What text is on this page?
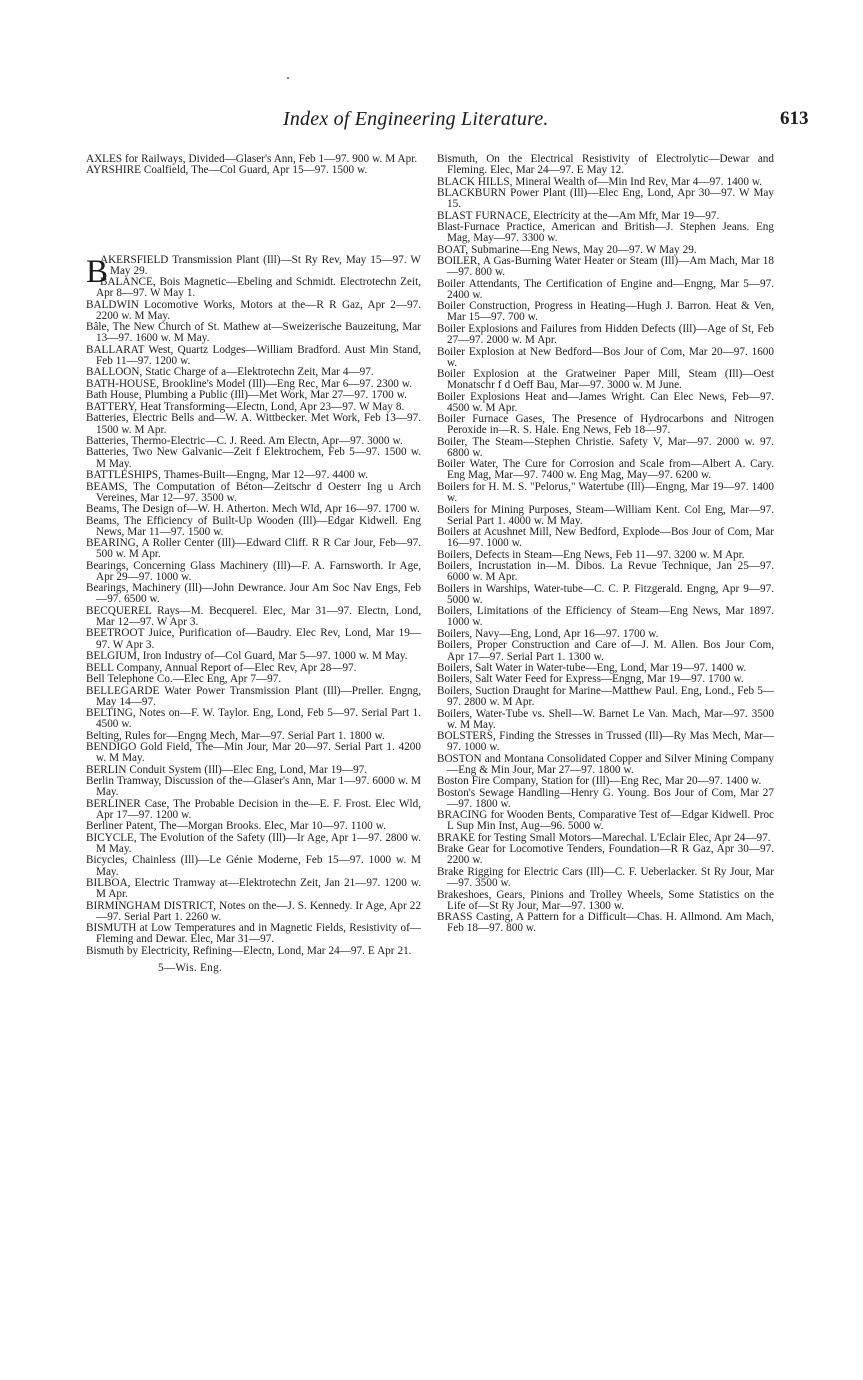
Index of Engineering Literature.	613

AXLES for Railways, Divided—Glaser's Ann, Feb 1—97. 900 w. M Apr.

AYRSHIRE Coalfield, The—Col Guard, Apr 15—97. 1500 w.

B
AKERSFIELD Transmission Plant (Ill)—St Ry Rev, May 15—97. W May 29.

BALANCE, Bois Magnetic—Ebeling and Schmidt. Electrotechn Zeit, Apr 8—97. W May 1.

BALDWIN Locomotive Works, Motors at the—R R Gaz, Apr 2—97. 2200 w. M May.

Bâle, The New Church of St. Mathew at—Sweizerische Bauzeitung, Mar 13—97. 1600 w. M May.

BALLARAT West, Quartz Lodges—William Bradford. Aust Min Stand, Feb 11—97. 1200 w.

BALLOON, Static Charge of a—Elektrotechn Zeit, Mar 4—97.

BATH-HOUSE, Brookline's Model (Ill)—Eng Rec, Mar 6—97. 2300 w.

Bath House, Plumbing a Public (Ill)—Met Work, Mar 27—97. 1700 w.

BATTERY, Heat Transforming—Electn, Lond, Apr 23—97. W May 8.

Batteries, Electric Bells and—W. A. Wittbecker. Met Work, Feb 13—97. 1500 w. M Apr.

Batteries, Thermo-Electric—C. J. Reed. Am Electn, Apr—97. 3000 w.

Batteries, Two New Galvanic—Zeit f Elektrochem, Feb 5—97. 1500 w. M May.

BATTLESHIPS, Thames-Built—Engng, Mar 12—97. 4400 w.

BEAMS, The Computation of Béton—Zeitschr d Oesterr Ing u Arch Vereines, Mar 12—97. 3500 w.

Beams, The Design of—W. H. Atherton. Mech Wld, Apr 16—97. 1700 w.

Beams, The Efficiency of Built-Up Wooden (Ill)—Edgar Kidwell. Eng News, Mar 11—97. 1500 w.

BEARING, A Roller Center (Ill)—Edward Cliff. R R Car Jour, Feb—97. 500 w. M Apr.

Bearings, Concerning Glass Machinery (Ill)—F. A. Farnsworth. Ir Age, Apr 29—97. 1000 w.

Bearings, Machinery (Ill)—John Dewrance. Jour Am Soc Nav Engs, Feb—97. 6500 w.

BECQUEREL Rays—M. Becquerel. Elec, Mar 31—97. Electn, Lond, Mar 12—97. W Apr 3.

BEETROOT Juice, Purification of—Baudry. Elec Rev, Lond, Mar 19—97. W Apr 3.

BELGIUM, Iron Industry of—Col Guard, Mar 5—97. 1000 w. M May.

BELL Company, Annual Report of—Elec Rev, Apr 28—97.

Bell Telephone Co.—Elec Eng, Apr 7—97.

BELLEGARDE Water Power Transmission Plant (Ill)—Preller. Engng, May 14—97.

BELTING, Notes on—F. W. Taylor. Eng, Lond, Feb 5—97. Serial Part 1. 4500 w.

Belting, Rules for—Engng Mech, Mar—97. Serial Part 1. 1800 w.

BENDIGO Gold Field, The—Min Jour, Mar 20—97. Serial Part 1. 4200 w. M May.

BERLIN Conduit System (Ill)—Elec Eng, Lond, Mar 19—97.

Berlin Tramway, Discussion of the—Glaser's Ann, Mar 1—97. 6000 w. M May.

BERLINER Case, The Probable Decision in the—E. F. Frost. Elec Wld, Apr 17—97. 1200 w.

Berliner Patent, The—Morgan Brooks. Elec, Mar 10—97. 1100 w.

BICYCLE, The Evolution of the Safety (Ill)—Ir Age, Apr 1—97. 2800 w. M May.

Bicycles, Chainless (Ill)—Le Génie Moderne, Feb 15—97. 1000 w. M May.

BILBOA, Electric Tramway at—Elektrotechn Zeit, Jan 21—97. 1200 w. M Apr.

BIRMINGHAM DISTRICT, Notes on the—J. S. Kennedy. Ir Age, Apr 22—97. Serial Part 1. 2260 w.

BISMUTH at Low Temperatures and in Magnetic Fields, Resistivity of—Fleming and Dewar. Elec, Mar 31—97.

Bismuth by Electricity, Refining—Electn, Lond, Mar 24—97. E Apr 21.

5—Wis. Eng.

Bismuth, On the Electrical Resistivity of Electrolytic—Dewar and Fleming. Elec, Mar 24—97. E May 12.

BLACK HILLS, Mineral Wealth of—Min Ind Rev, Mar 4—97. 1400 w.

BLACKBURN Power Plant (Ill)—Elec Eng, Lond, Apr 30—97. W May 15.

BLAST FURNACE, Electricity at the—Am Mfr, Mar 19—97.

Blast-Furnace Practice, American and British—J. Stephen Jeans. Eng Mag, May—97. 3300 w.

BOAT, Submarine—Eng News, May 20—97. W May 29.

BOILER, A Gas-Burning Water Heater or Steam (Ill)—Am Mach, Mar 18—97. 800 w.

Boiler Attendants, The Certification of Engine and—Engng, Mar 5—97. 2400 w.

Boiler Construction, Progress in Heating—Hugh J. Barron. Heat & Ven, Mar 15—97. 700 w.

Boiler Explosions and Failures from Hidden Defects (Ill)—Age of St, Feb 27—97. 2000 w. M Apr.

Boiler Explosion at New Bedford—Bos Jour of Com, Mar 20—97. 1600 w.

Boiler Explosion at the Gratweiner Paper Mill, Steam (Ill)—Oest Monatschr f d Oeff Bau, Mar—97. 3000 w. M June.

Boiler Explosions Heat and—James Wright. Can Elec News, Feb—97. 4500 w. M Apr.

Boiler Furnace Gases, The Presence of Hydrocarbons and Nitrogen Peroxide in—R. S. Hale. Eng News, Feb 18—97.

Boiler, The Steam—Stephen Christie. Safety V, Mar—97. 2000 w. 97. 6800 w.

Boiler Water, The Cure for Corrosion and Scale from—Albert A. Cary. Eng Mag, Mar—97. 7400 w. Eng Mag, May—97. 6200 w.

Boilers for H. M. S. "Pelorus," Watertube (Ill)—Engng, Mar 19—97. 1400 w.

Boilers for Mining Purposes, Steam—William Kent. Col Eng, Mar—97. Serial Part 1. 4000 w. M May.

Boilers at Acushnet Mill, New Bedford, Explode—Bos Jour of Com, Mar 16—97. 1000 w.

Boilers, Defects in Steam—Eng News, Feb 11—97. 3200 w. M Apr.

Boilers, Incrustation in—M. Dibos. La Revue Technique, Jan 25—97. 6000 w. M Apr.

Boilers in Warships, Water-tube—C. C. P. Fitzgerald. Engng, Apr 9—97. 5000 w.

Boilers, Limitations of the Efficiency of Steam—Eng News, Mar 1897. 1000 w.

Boilers, Navy—Eng, Lond, Apr 16—97. 1700 w.

Boilers, Proper Construction and Care of—J. M. Allen. Bos Jour Com, Apr 17—97. Serial Part 1. 1300 w.

Boilers, Salt Water in Water-tube—Eng, Lond, Mar 19—97. 1400 w.

Boilers, Salt Water Feed for Express—Engng, Mar 19—97. 1700 w.

Boilers, Suction Draught for Marine—Matthew Paul. Eng, Lond., Feb 5—97. 2800 w. M Apr.

Boilers, Water-Tube vs. Shell—W. Barnet Le Van. Mach, Mar—97. 3500 w. M May.

BOLSTERS, Finding the Stresses in Trussed (Ill)—Ry Mas Mech, Mar—97. 1000 w.

BOSTON and Montana Consolidated Copper and Silver Mining Company—Eng & Min Jour, Mar 27—97. 1800 w.

Boston Fire Company, Station for (Ill)—Eng Rec, Mar 20—97. 1400 w.

Boston's Sewage Handling—Henry G. Young. Bos Jour of Com, Mar 27—97. 1800 w.

BRACING for Wooden Bents, Comparative Test of—Edgar Kidwell. Proc L Sup Min Inst, Aug—96. 5000 w.

BRAKE for Testing Small Motors—Marechal. L'Eclair Elec, Apr 24—97.

Brake Gear for Locomotive Tenders, Foundation—R R Gaz, Apr 30—97. 2200 w.

Brake Rigging for Electric Cars (Ill)—C. F. Ueberlacker. St Ry Jour, Mar—97. 3500 w.

Brakeshoes, Gears, Pinions and Trolley Wheels, Some Statistics on the Life of—St Ry Jour, Mar—97. 1300 w.

BRASS Casting, A Pattern for a Difficult—Chas. H. Allmond. Am Mach, Feb 18—97. 800 w.
